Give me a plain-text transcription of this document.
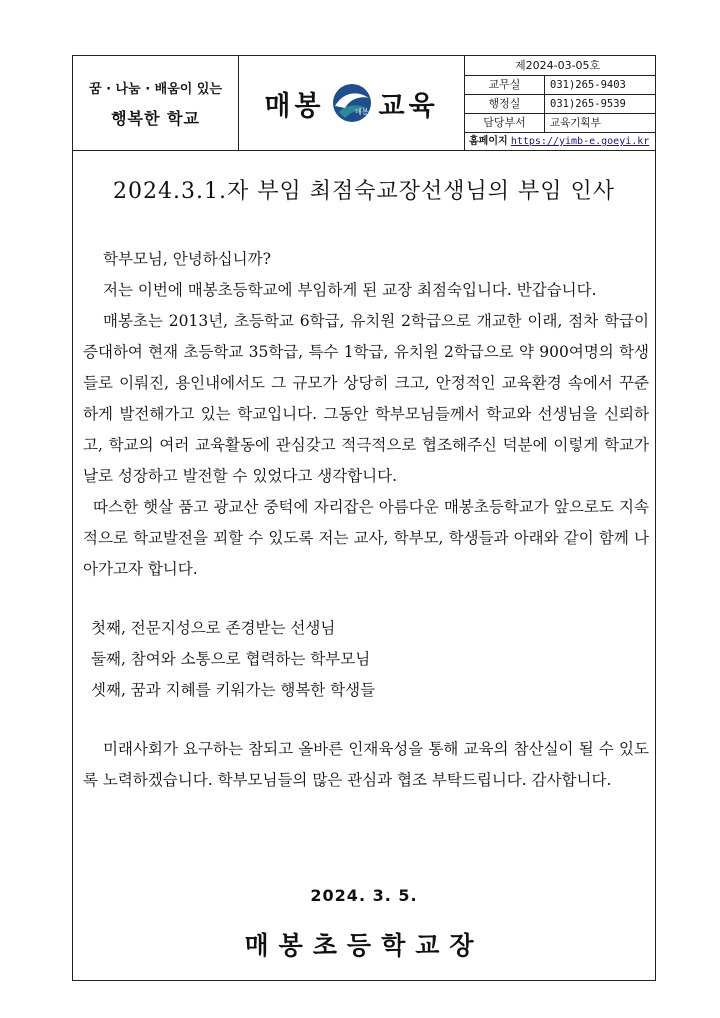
꿈 · 나눔 · 배움이 있는
행복한 학교 매봉	매봉 교육
제2024-03-05호
교무실	031)265-9403
행정실	031)265-9539
담당부서	교육기획부
홈페이지 https://yimb-e.goeyi.kr
2024.3.1.자 부임 최점숙교장선생님의 부임 인사

학부모님, 안녕하십니까?

저는 이번에 매봉초등학교에 부임하게 된 교장 최점숙입니다. 반갑습니다.

매봉초는 2013년, 초등학교 6학급, 유치원 2학급으로 개교한 이래, 점차 학급이 증대하여 현재 초등학교 35학급, 특수 1학급, 유치원 2학급으로 약 900여명의 학생들로 이뤄진, 용인내에서도 그 규모가 상당히 크고, 안정적인 교육환경 속에서 꾸준하게 발전해가고 있는 학교입니다. 그동안 학부모님들께서 학교와 선생님을 신뢰하고, 학교의 여러 교육활동에 관심갖고 적극적으로 협조해주신 덕분에 이렇게 학교가 날로 성장하고 발전할 수 있었다고 생각합니다.

따스한 햇살 품고 광교산 중턱에 자리잡은 아름다운 매봉초등학교가 앞으로도 지속적으로 학교발전을 꾀할 수 있도록 저는 교사, 학부모, 학생들과 아래와 같이 함께 나아가고자 합니다.

첫째, 전문지성으로 존경받는 선생님

둘째, 참여와 소통으로 협력하는 학부모님

셋째, 꿈과 지혜를 키워가는 행복한 학생들

미래사회가 요구하는 참되고 올바른 인재육성을 통해 교육의 참산실이 될 수 있도록 노력하겠습니다. 학부모님들의 많은 관심과 협조 부탁드립니다. 감사합니다.

2024. 3. 5.
매봉초등학교장
